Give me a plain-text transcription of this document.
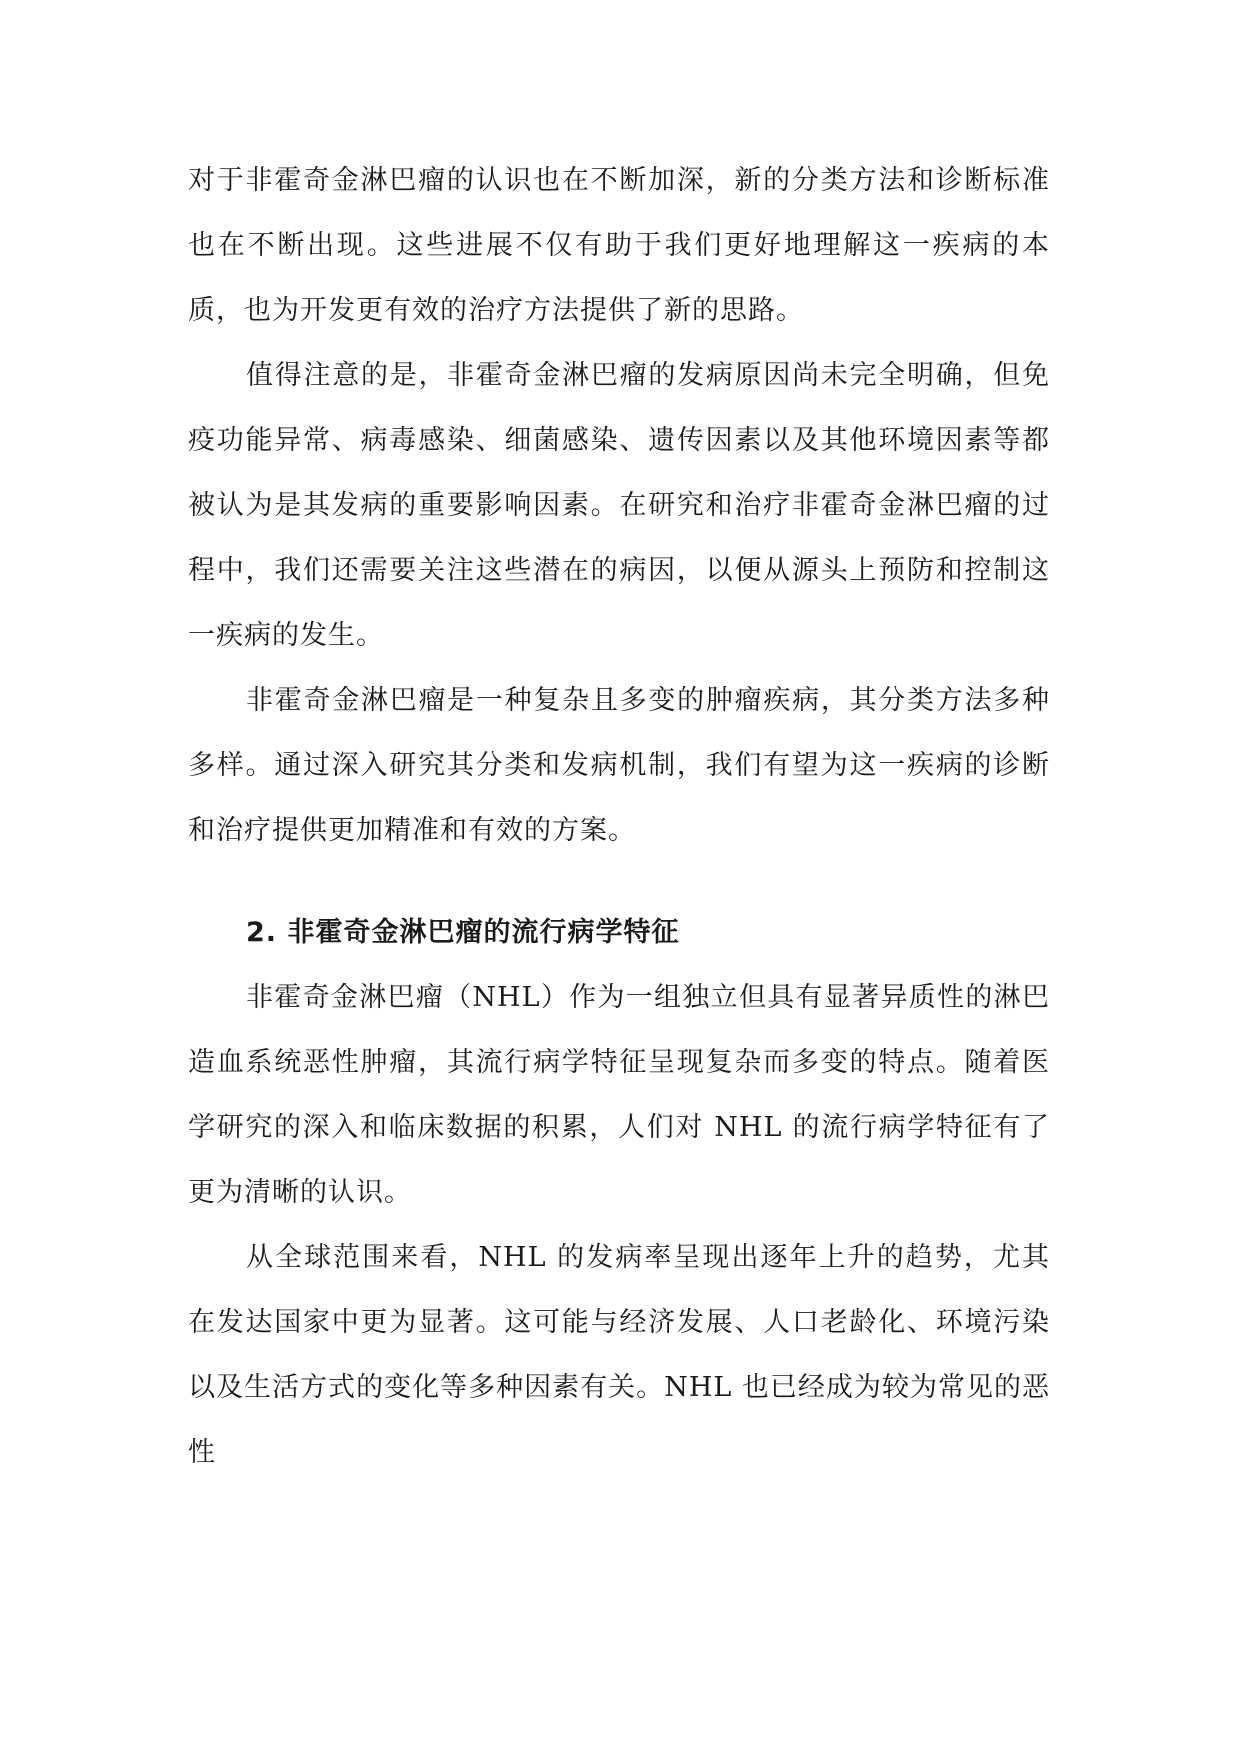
对于非霍奇金淋巴瘤的认识也在不断加深，新的分类方法和诊断标准也在不断出现。这些进展不仅有助于我们更好地理解这一疾病的本质，也为开发更有效的治疗方法提供了新的思路。

值得注意的是，非霍奇金淋巴瘤的发病原因尚未完全明确，但免疫功能异常、病毒感染、细菌感染、遗传因素以及其他环境因素等都被认为是其发病的重要影响因素。在研究和治疗非霍奇金淋巴瘤的过程中，我们还需要关注这些潜在的病因，以便从源头上预防和控制这一疾病的发生。

非霍奇金淋巴瘤是一种复杂且多变的肿瘤疾病，其分类方法多种多样。通过深入研究其分类和发病机制，我们有望为这一疾病的诊断和治疗提供更加精准和有效的方案。

2. 非霍奇金淋巴瘤的流行病学特征

非霍奇金淋巴瘤（NHL）作为一组独立但具有显著异质性的淋巴造血系统恶性肿瘤，其流行病学特征呈现复杂而多变的特点。随着医学研究的深入和临床数据的积累，人们对 NHL 的流行病学特征有了更为清晰的认识。

从全球范围来看，NHL 的发病率呈现出逐年上升的趋势，尤其在发达国家中更为显著。这可能与经济发展、人口老龄化、环境污染以及生活方式的变化等多种因素有关。NHL 也已经成为较为常见的恶性
